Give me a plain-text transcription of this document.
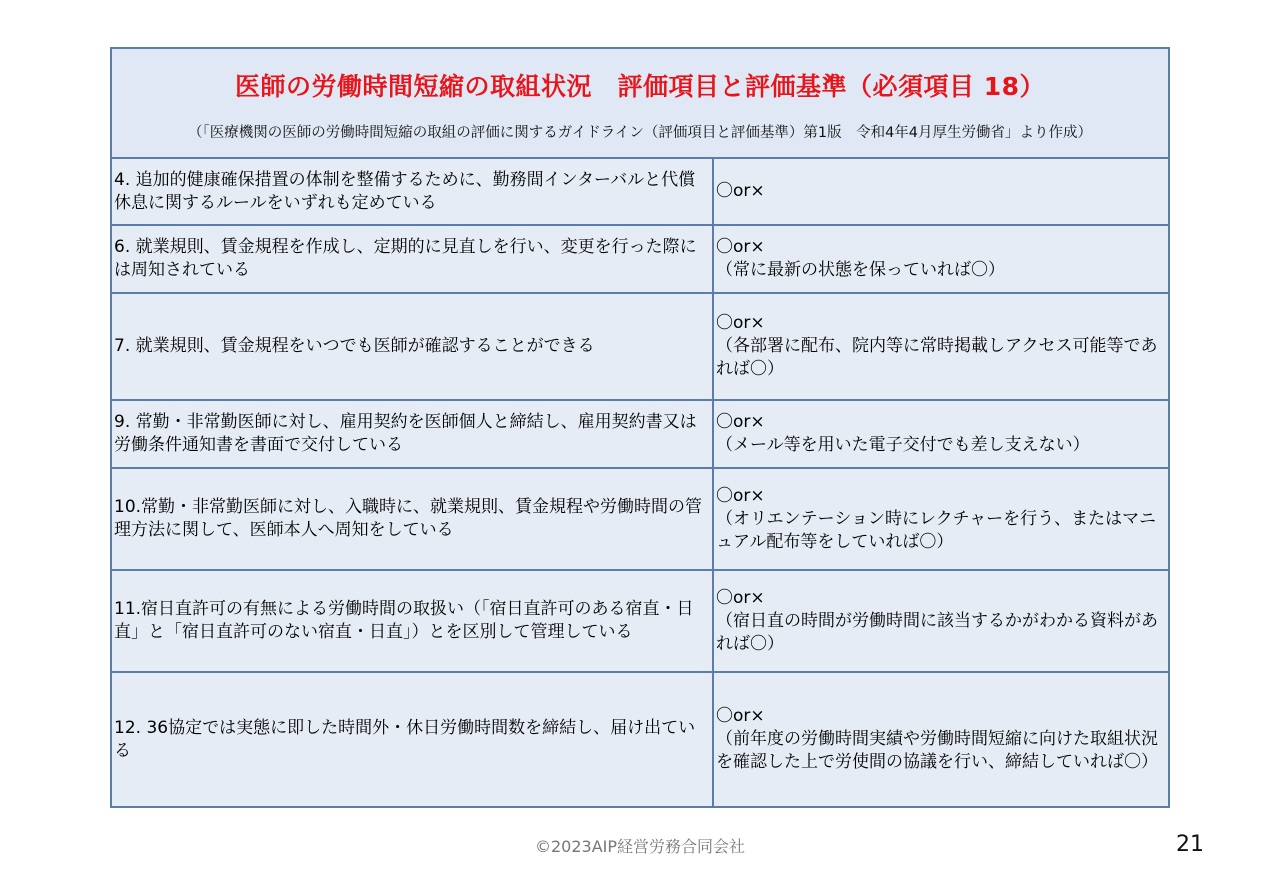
医師の労働時間短縮の取組状況　評価項目と評価基準（必須項目 18）
（「医療機関の医師の労働時間短縮の取組の評価に関するガイドライン（評価項目と評価基準）第1版　令和4年4月厚生労働省」より作成）
4. 追加的健康確保措置の体制を整備するために、勤務間インターバルと代償休息に関するルールをいずれも定めている
〇or×
6. 就業規則、賃金規程を作成し、定期的に見直しを行い、変更を行った際には周知されている
〇or×
（常に最新の状態を保っていれば〇）
7. 就業規則、賃金規程をいつでも医師が確認することができる
〇or×
（各部署に配布、院内等に常時掲載しアクセス可能等であれば〇）
9. 常勤・非常勤医師に対し、雇用契約を医師個人と締結し、雇用契約書又は労働条件通知書を書面で交付している
〇or×
（メール等を用いた電子交付でも差し支えない）
10.常勤・非常勤医師に対し、入職時に、就業規則、賃金規程や労働時間の管理方法に関して、医師本人へ周知をしている
〇or×
（オリエンテーション時にレクチャーを行う、またはマニュアル配布等をしていれば〇）
11.宿日直許可の有無による労働時間の取扱い（「宿日直許可のある宿直・日直」と「宿日直許可のない宿直・日直」）とを区別して管理している
〇or×
（宿日直の時間が労働時間に該当するかがわかる資料があれば〇）
12. 36協定では実態に即した時間外・休日労働時間数を締結し、届け出ている
〇or×
（前年度の労働時間実績や労働時間短縮に向けた取組状況を確認した上で労使間の協議を行い、締結していれば〇）
©2023AIP経営労務合同会社	21
